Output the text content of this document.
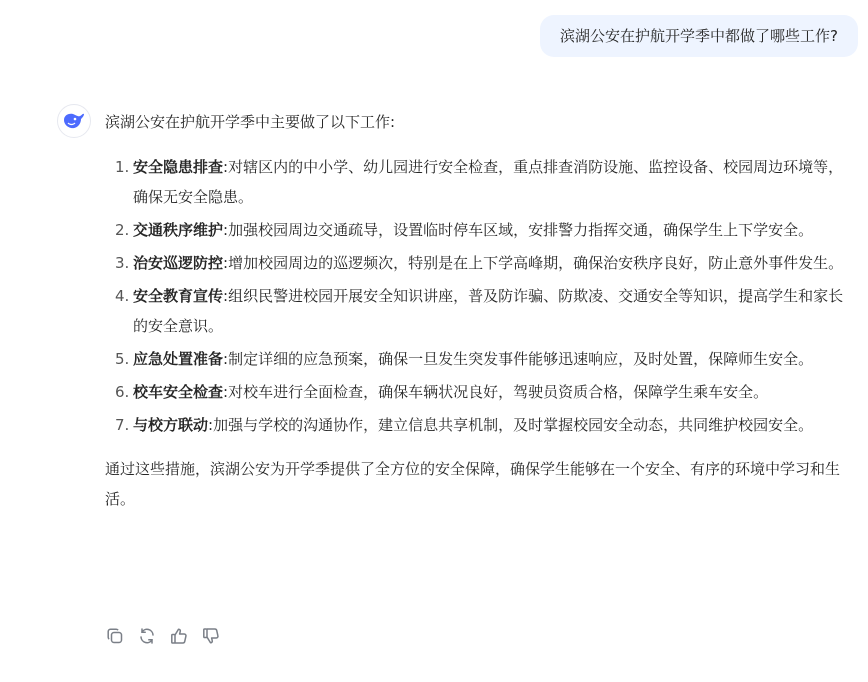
滨湖公安在护航开学季中都做了哪些工作?
滨湖公安在护航开学季中主要做了以下工作:
1. 安全隐患排查:对辖区内的中小学、幼儿园进行安全检查，重点排查消防设施、监控设备、校园周边环境等，确保无安全隐患。
2. 交通秩序维护:加强校园周边交通疏导，设置临时停车区域，安排警力指挥交通，确保学生上下学安全。
3. 治安巡逻防控:增加校园周边的巡逻频次，特别是在上下学高峰期，确保治安秩序良好，防止意外事件发生。
4. 安全教育宣传:组织民警进校园开展安全知识讲座，普及防诈骗、防欺凌、交通安全等知识，提高学生和家长的安全意识。
5. 应急处置准备:制定详细的应急预案，确保一旦发生突发事件能够迅速响应，及时处置，保障师生安全。
6. 校车安全检查:对校车进行全面检查，确保车辆状况良好，驾驶员资质合格，保障学生乘车安全。
7. 与校方联动:加强与学校的沟通协作，建立信息共享机制，及时掌握校园安全动态，共同维护校园安全。
通过这些措施，滨湖公安为开学季提供了全方位的安全保障，确保学生能够在一个安全、有序的环境中学习和生活。
